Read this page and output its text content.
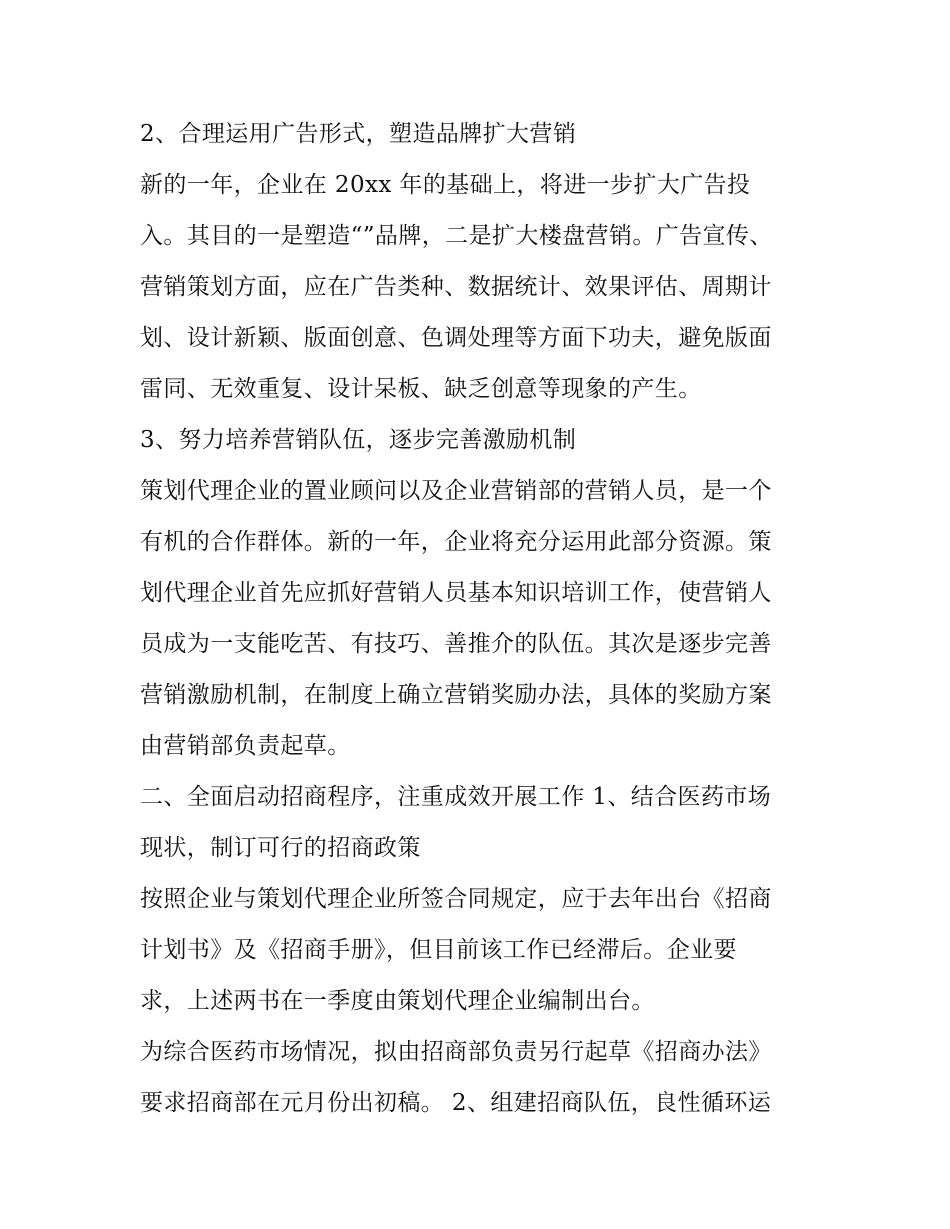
2、合理运用广告形式，塑造品牌扩大营销
新的一年，企业在 20xx 年的基础上，将进一步扩大广告投
入。其目的一是塑造“”品牌，二是扩大楼盘营销。广告宣传、
营销策划方面，应在广告类种、数据统计、效果评估、周期计
划、设计新颖、版面创意、色调处理等方面下功夫，避免版面
雷同、无效重复、设计呆板、缺乏创意等现象的产生。
3、努力培养营销队伍，逐步完善激励机制
策划代理企业的置业顾问以及企业营销部的营销人员，是一个
有机的合作群体。新的一年，企业将充分运用此部分资源。策
划代理企业首先应抓好营销人员基本知识培训工作，使营销人
员成为一支能吃苦、有技巧、善推介的队伍。其次是逐步完善
营销激励机制，在制度上确立营销奖励办法，具体的奖励方案
由营销部负责起草。
二、全面启动招商程序，注重成效开展工作 1、结合医药市场
现状，制订可行的招商政策
按照企业与策划代理企业所签合同规定，应于去年出台《招商
计划书》及《招商手册》，但目前该工作已经滞后。企业要
求，上述两书在一季度由策划代理企业编制出台。
为综合医药市场情况，拟由招商部负责另行起草《招商办法》
要求招商部在元月份出初稿。 2、组建招商队伍，良性循环运
